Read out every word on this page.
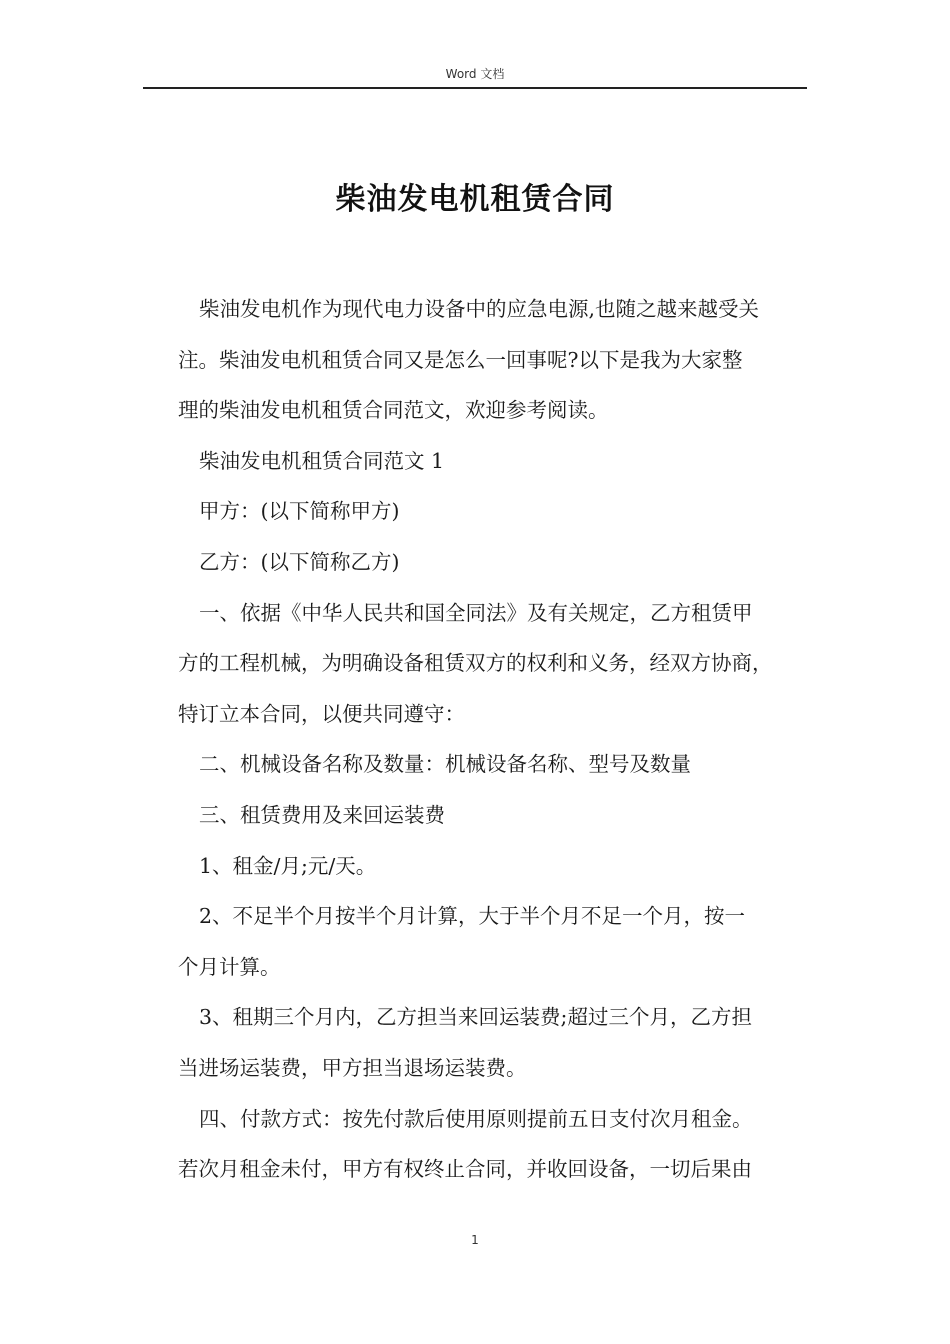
Word 文档
柴油发电机租赁合同

柴油发电机作为现代电力设备中的应急电源,也随之越来越受关
注。柴油发电机租赁合同又是怎么一回事呢?以下是我为大家整
理的柴油发电机租赁合同范文，欢迎参考阅读。

柴油发电机租赁合同范文 1

甲方：(以下简称甲方)

乙方：(以下简称乙方)

一、依据《中华人民共和国全同法》及有关规定，乙方租赁甲
方的工程机械，为明确设备租赁双方的权利和义务，经双方协商，
特订立本合同，以便共同遵守：

二、机械设备名称及数量：机械设备名称、型号及数量

三、租赁费用及来回运装费

1、租金/月;元/天。

2、不足半个月按半个月计算，大于半个月不足一个月，按一
个月计算。

3、租期三个月内，乙方担当来回运装费;超过三个月，乙方担
当进场运装费，甲方担当退场运装费。

四、付款方式：按先付款后使用原则提前五日支付次月租金。
若次月租金未付，甲方有权终止合同，并收回设备，一切后果由

1
